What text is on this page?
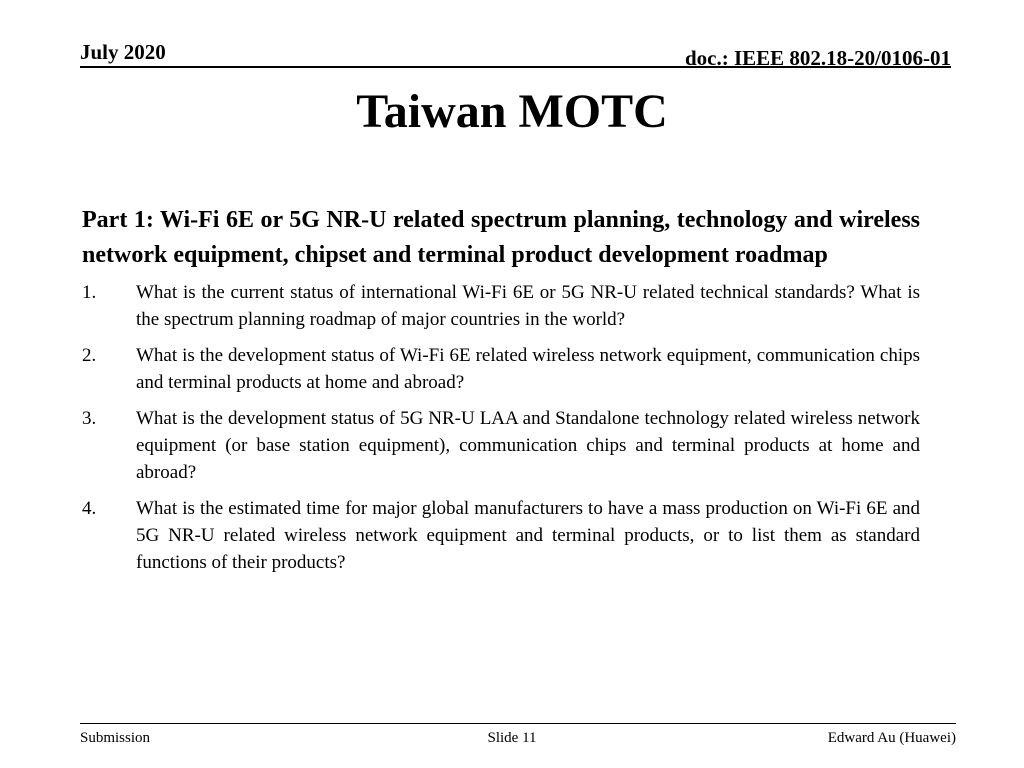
July 2020	doc.: IEEE 802.18-20/0106-01
Taiwan MOTC

Part 1: Wi-Fi 6E or 5G NR-U related spectrum planning, technology and wireless network equipment, chipset and terminal product development roadmap

1. What is the current status of international Wi-Fi 6E or 5G NR-U related technical standards? What is the spectrum planning roadmap of major countries in the world?
2. What is the development status of Wi-Fi 6E related wireless network equipment, communication chips and terminal products at home and abroad?
3. What is the development status of 5G NR-U LAA and Standalone technology related wireless network equipment (or base station equipment), communication chips and terminal products at home and abroad?
4. What is the estimated time for major global manufacturers to have a mass production on Wi-Fi 6E and 5G NR-U related wireless network equipment and terminal products, or to list them as standard functions of their products?
Submission	Slide 11	Edward Au (Huawei)
